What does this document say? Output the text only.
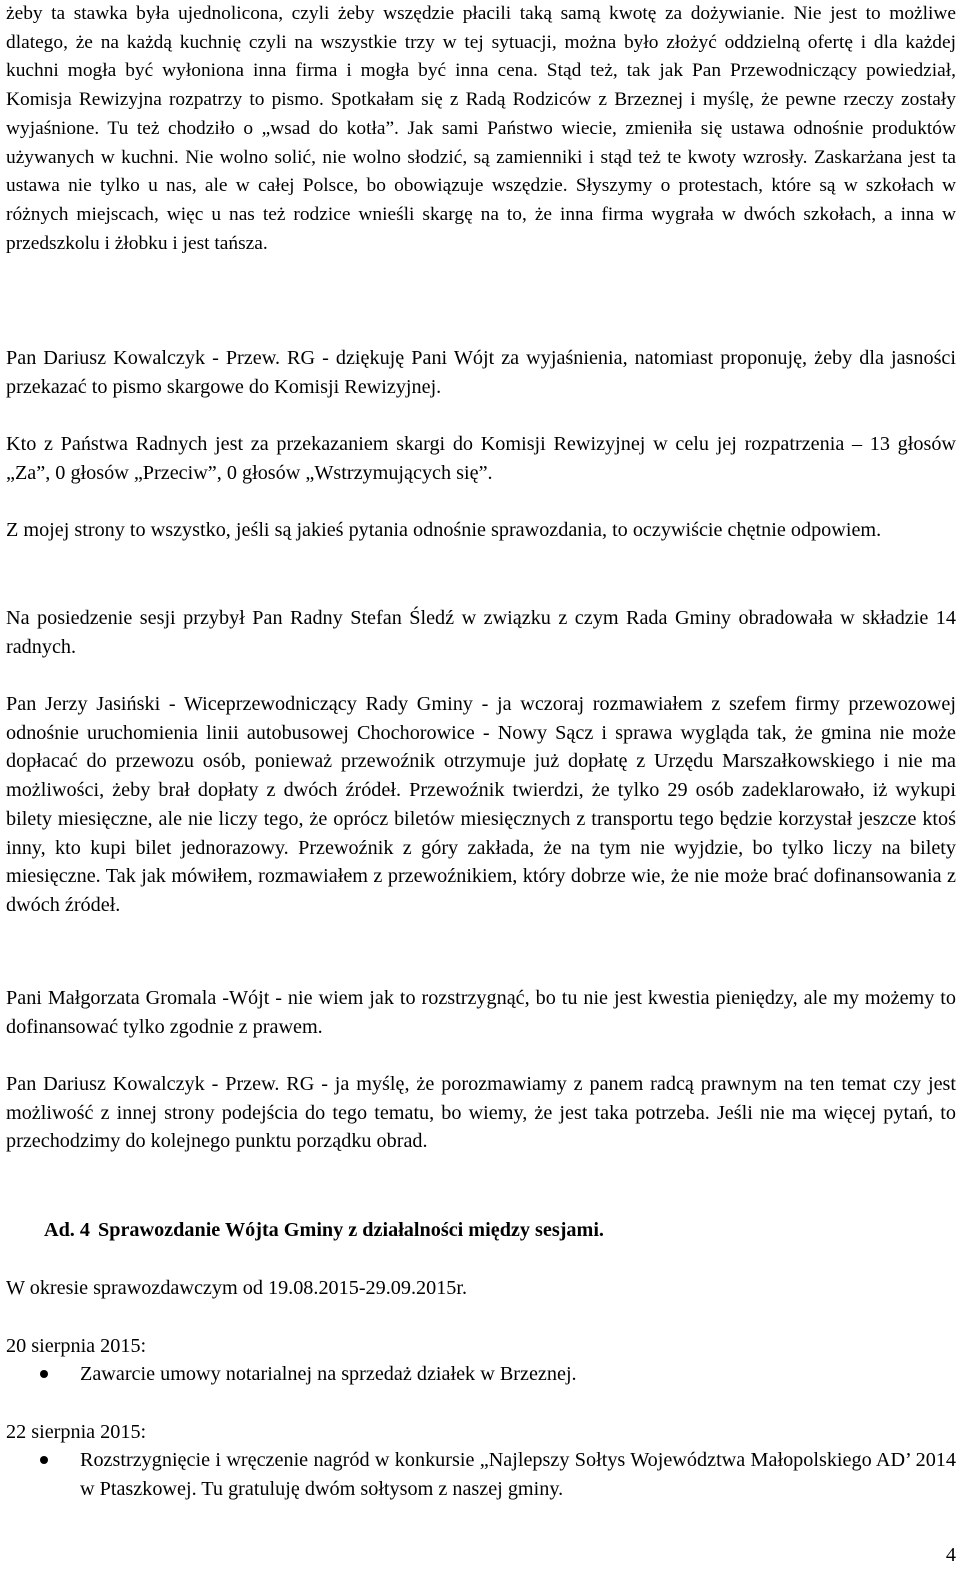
żeby ta stawka była ujednolicona, czyli żeby wszędzie płacili taką samą kwotę za dożywianie. Nie jest to możliwe dlatego, że na każdą kuchnię czyli na wszystkie trzy w tej sytuacji, można było złożyć oddzielną ofertę i dla każdej kuchni mogła być wyłoniona inna firma i mogła być inna cena. Stąd też, tak jak Pan Przewodniczący powiedział, Komisja Rewizyjna rozpatrzy to pismo. Spotkałam się z Radą Rodziców z Brzeznej i myślę, że pewne rzeczy zostały wyjaśnione. Tu też chodziło o „wsad do kotła”. Jak sami Państwo wiecie, zmieniła się ustawa odnośnie produktów używanych w kuchni. Nie wolno solić, nie wolno słodzić, są zamienniki i stąd też te kwoty wzrosły. Zaskarżana jest ta ustawa nie tylko u nas, ale w całej Polsce, bo obowiązuje wszędzie. Słyszymy o protestach, które są w szkołach w różnych miejscach, więc u nas też rodzice wnieśli skargę na to, że inna firma wygrała w dwóch szkołach, a inna w przedszkolu i żłobku i jest tańsza.

Pan Dariusz Kowalczyk - Przew. RG - dziękuję Pani Wójt za wyjaśnienia, natomiast proponuję, żeby dla jasności przekazać to pismo skargowe do Komisji Rewizyjnej.

Kto z Państwa Radnych jest za przekazaniem skargi do Komisji Rewizyjnej w celu jej rozpatrzenia – 13 głosów „Za”, 0 głosów „Przeciw”, 0 głosów „Wstrzymujących się”.

Z mojej strony to wszystko, jeśli są jakieś pytania odnośnie sprawozdania, to oczywiście chętnie odpowiem.

Na posiedzenie sesji przybył Pan Radny Stefan Śledź w związku z czym Rada Gminy obradowała w składzie 14 radnych.

Pan Jerzy Jasiński - Wiceprzewodniczący Rady Gminy - ja wczoraj rozmawiałem z szefem firmy przewozowej odnośnie uruchomienia linii autobusowej Chochorowice - Nowy Sącz i sprawa wygląda tak, że gmina nie może dopłacać do przewozu osób, ponieważ przewoźnik otrzymuje już dopłatę z Urzędu Marszałkowskiego i nie ma możliwości, żeby brał dopłaty z dwóch źródeł. Przewoźnik twierdzi, że tylko 29 osób zadeklarowało, iż wykupi bilety miesięczne, ale nie liczy tego, że oprócz biletów miesięcznych z transportu tego będzie korzystał jeszcze ktoś inny, kto kupi bilet jednorazowy. Przewoźnik z góry zakłada, że na tym nie wyjdzie, bo tylko liczy na bilety miesięczne. Tak jak mówiłem, rozmawiałem z przewoźnikiem, który dobrze wie, że nie może brać dofinansowania z dwóch źródeł.

Pani Małgorzata Gromala -Wójt - nie wiem jak to rozstrzygnąć, bo tu nie jest kwestia pieniędzy, ale my możemy to dofinansować tylko zgodnie z prawem.

Pan Dariusz Kowalczyk - Przew. RG - ja myślę, że porozmawiamy z panem radcą prawnym na ten temat czy jest możliwość z innej strony podejścia do tego tematu, bo wiemy, że jest taka potrzeba. Jeśli nie ma więcej pytań, to przechodzimy do kolejnego punktu porządku obrad.

Ad. 4 Sprawozdanie Wójta Gminy z działalności między sesjami.

W okresie sprawozdawczym od 19.08.2015-29.09.2015r.

20 sierpnia 2015:

Zawarcie umowy notarialnej na sprzedaż działek w Brzeznej.

22 sierpnia 2015:

Rozstrzygnięcie i wręczenie nagród w konkursie „Najlepszy Sołtys Województwa Małopolskiego AD’ 2014 w Ptaszkowej. Tu gratuluję dwóm sołtysom z naszej gminy.

4
